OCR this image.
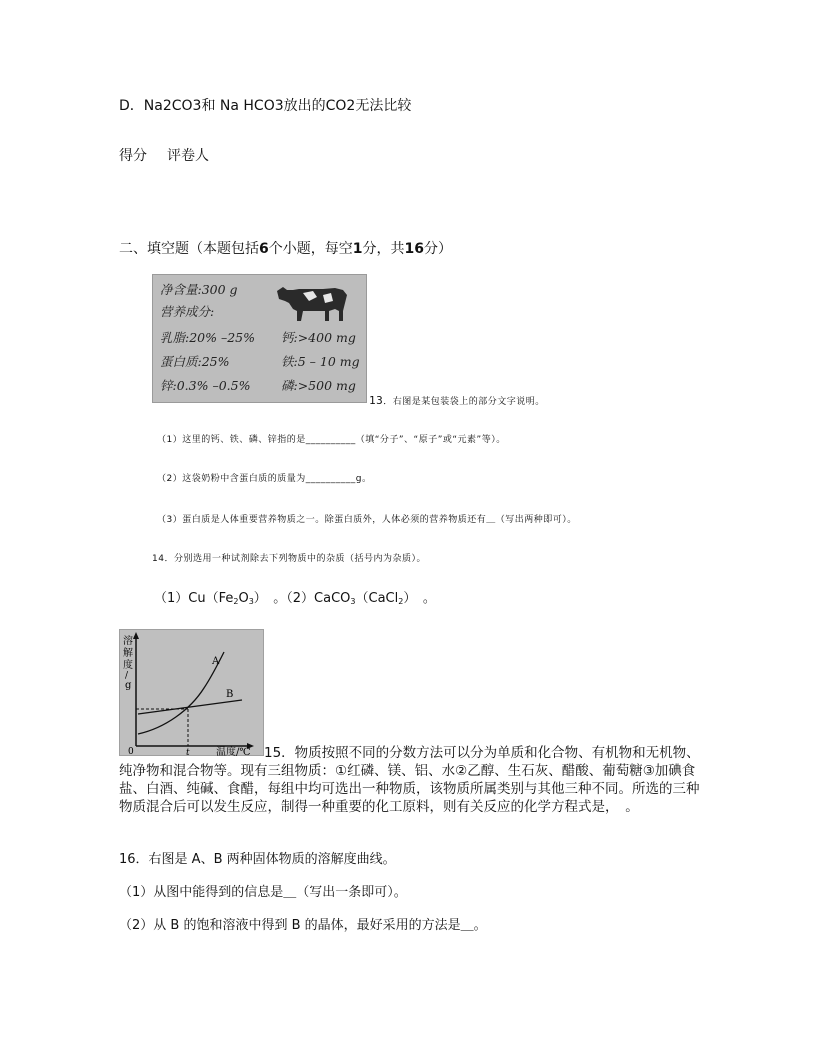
D．Na2CO3和 Na HCO3放出的CO2无法比较
得分 评卷人
二、填空题（本题包括6个小题，每空1分，共16分）
净含量:300 g
营养成分:
乳脂:20% –25% 钙:>400 mg
蛋白质:25%	铁:5 – 10 mg
锌:0.3% –0.5% 磷:>500 mg
13．右图是某包装袋上的部分文字说明。
（1）这里的钙、铁、磷、锌指的是__________（填“分子”、“原子”或“元素”等）。
（2）这袋奶粉中含蛋白质的质量为__________g。
（3）蛋白质是人体重要营养物质之一。除蛋白质外，人体必须的营养物质还有＿（写出两种即可）。
14．分别选用一种试剂除去下列物质中的杂质（括号内为杂质）。
$(1)Cu(Fe_2O_3)$　。（2）CaCO$_3$（CaCl$_2$）　。
溶
解
度
/
g
A
B
0	t	温度/℃ 15．物质按照不同的分数方法可以分为单质和化合物、有机物和无机物、纯净物和混合物等。现有三组物质：①红磷、镁、铝、水②乙醇、生石灰、醋酸、葡萄糖③加碘食盐、白酒、纯碱、食醋，每组中均可选出一种物质，该物质所属类别与其他三种不同。所选的三种物质混合后可以发生反应，制得一种重要的化工原料，则有关反应的化学方程式是，　。
16．右图是 A、B 两种固体物质的溶解度曲线。
（1）从图中能得到的信息是＿（写出一条即可）。
（2）从 B 的饱和溶液中得到 B 的晶体，最好采用的方法是＿。
